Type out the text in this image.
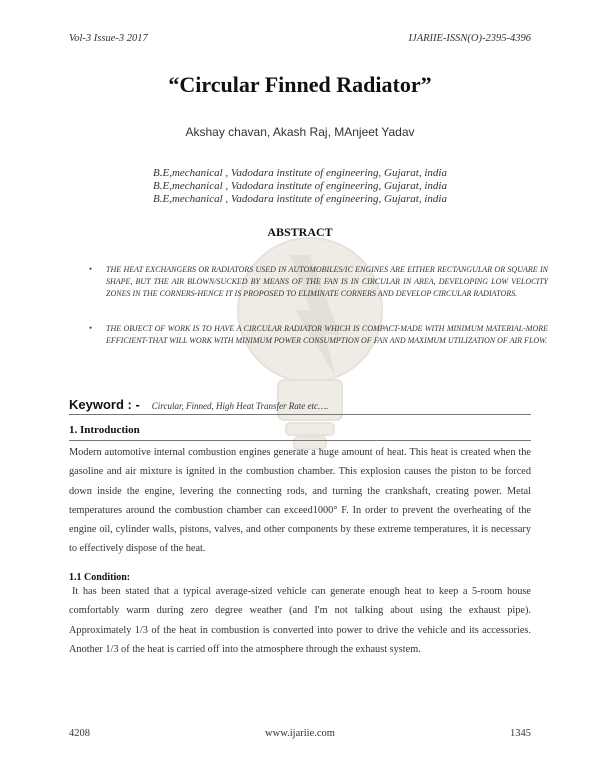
Vol-3 Issue-3 2017	IJARIIE-ISSN(O)-2395-4396
“Circular Finned Radiator”
Akshay chavan, Akash Raj, MAnjeet Yadav
B.E,mechanical , Vadodara institute of engineering, Gujarat, india
B.E,mechanical , Vadodara institute of engineering, Gujarat, india
B.E,mechanical , Vadodara institute of engineering, Gujarat, india
ABSTRACT
• THE HEAT EXCHANGERS OR RADIATORS USED IN AUTOMOBILES/IC ENGINES ARE EITHER RECTANGULAR OR SQUARE IN SHAPE, BUT THE AIR BLOWN/SUCKED BY MEANS OF THE FAN IS IN CIRCULAR IN AREA, DEVELOPING LOW VELOCITY ZONES IN THE CORNERS-HENCE IT IS PROPOSED TO ELIMINATE CORNERS AND DEVELOP CIRCULAR RADIATORS.
• THE OBJECT OF WORK IS TO HAVE A CIRCULAR RADIATOR WHICH IS COMPACT-MADE WITH MINIMUM MATERIAL-MORE EFFICIENT-THAT WILL WORK WITH MINIMUM POWER CONSUMPTION OF FAN AND MAXIMUM UTILIZATION OF AIR FLOW.
Keyword : - Circular, Finned, High Heat Transfer Rate etc….
1. Introduction
Modern automotive internal combustion engines generate a huge amount of heat. This heat is created when the gasoline and air mixture is ignited in the combustion chamber. This explosion causes the piston to be forced down inside the engine, levering the connecting rods, and turning the crankshaft, creating power. Metal temperatures around the combustion chamber can exceed1000° F. In order to prevent the overheating of the engine oil, cylinder walls, pistons, valves, and other components by these extreme temperatures, it is necessary to effectively dispose of the heat.
1.1 Condition:
It has been stated that a typical average-sized vehicle can generate enough heat to keep a 5-room house comfortably warm during zero degree weather (and I'm not talking about using the exhaust pipe). Approximately 1/3 of the heat in combustion is converted into power to drive the vehicle and its accessories. Another 1/3 of the heat is carried off into the atmosphere through the exhaust system.
4208	www.ijariie.com	1345
